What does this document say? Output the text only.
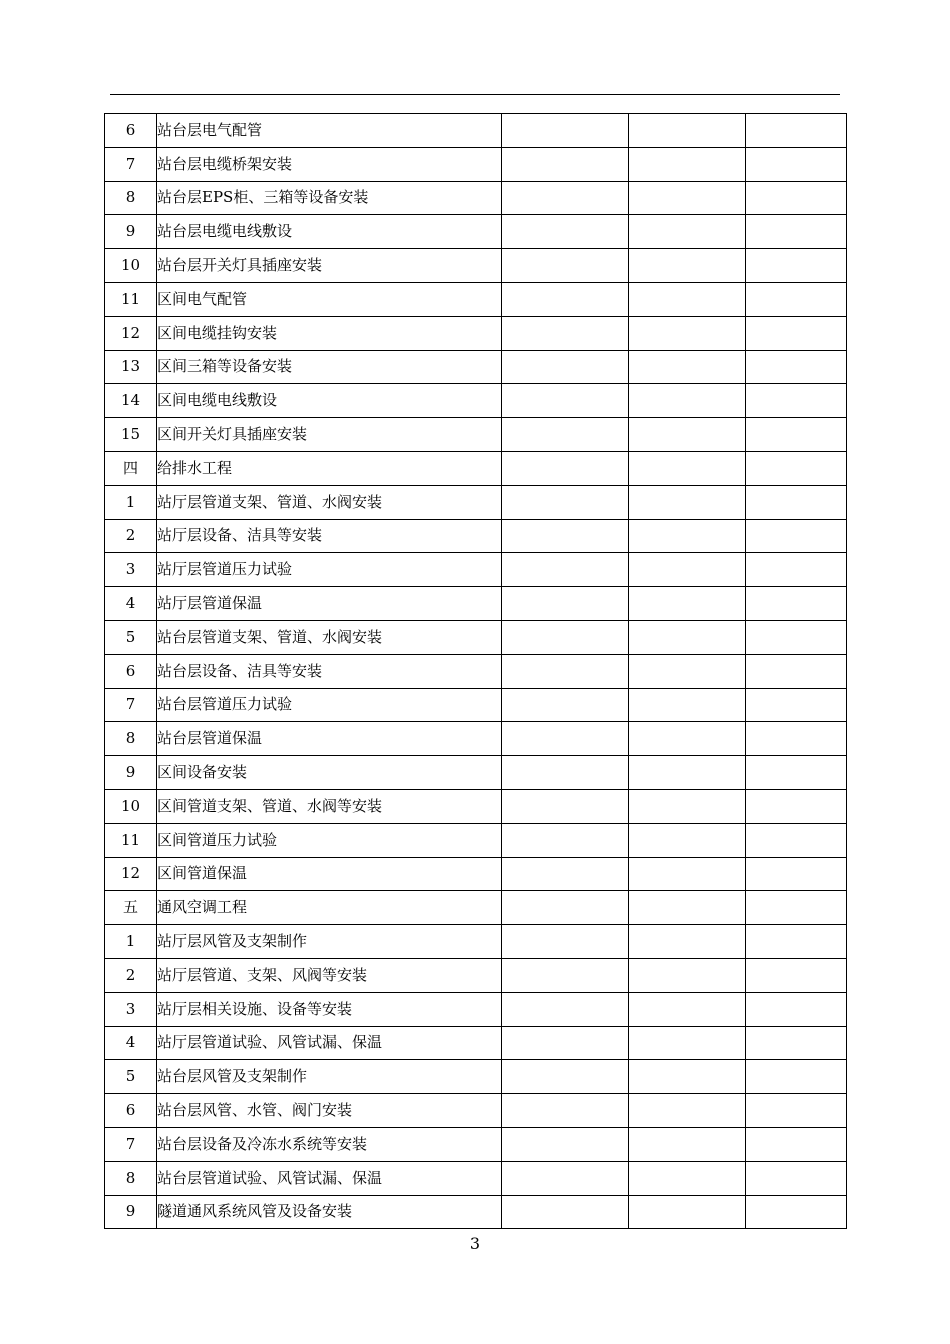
6	站台层电气配管			
7	站台层电缆桥架安装			
8	站台层EPS柜、三箱等设备安装			
9	站台层电缆电线敷设			
10	站台层开关灯具插座安装			
11	区间电气配管			
12	区间电缆挂钩安装			
13	区间三箱等设备安装			
14	区间电缆电线敷设			
15	区间开关灯具插座安装			
四	给排水工程			
1	站厅层管道支架、管道、水阀安装			
2	站厅层设备、洁具等安装			
3	站厅层管道压力试验			
4	站厅层管道保温			
5	站台层管道支架、管道、水阀安装			
6	站台层设备、洁具等安装			
7	站台层管道压力试验			
8	站台层管道保温			
9	区间设备安装			
10	区间管道支架、管道、水阀等安装			
11	区间管道压力试验			
12	区间管道保温			
五	通风空调工程			
1	站厅层风管及支架制作			
2	站厅层管道、支架、风阀等安装			
3	站厅层相关设施、设备等安装			
4	站厅层管道试验、风管试漏、保温			
5	站台层风管及支架制作			
6	站台层风管、水管、阀门安装			
7	站台层设备及冷冻水系统等安装			
8	站台层管道试验、风管试漏、保温			
9	隧道通风系统风管及设备安装			
3
